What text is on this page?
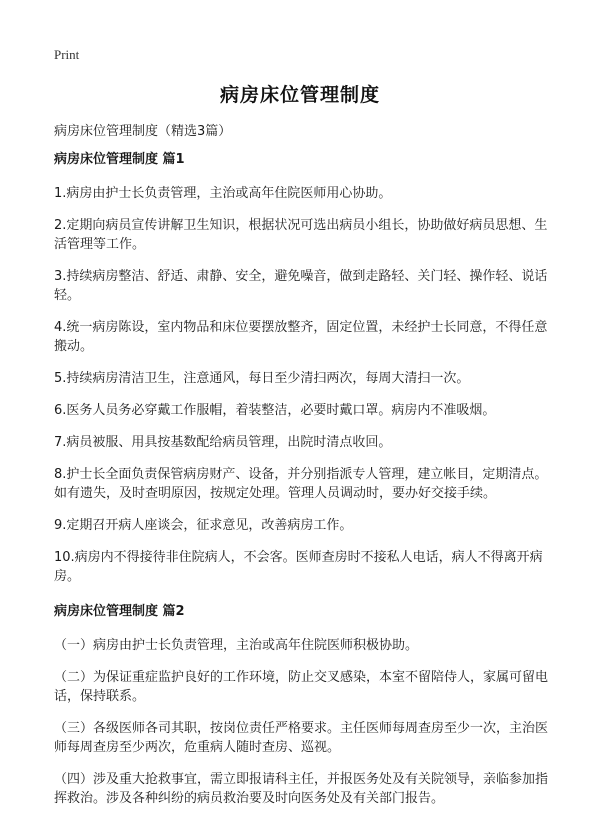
Print
病房床位管理制度
病房床位管理制度（精选3篇）
病房床位管理制度 篇1
1.病房由护士长负责管理，主治或高年住院医师用心协助。
2.定期向病员宣传讲解卫生知识，根据状况可选出病员小组长，协助做好病员思想、生活管理等工作。
3.持续病房整洁、舒适、肃静、安全，避免噪音，做到走路轻、关门轻、操作轻、说话轻。
4.统一病房陈设，室内物品和床位要摆放整齐，固定位置，未经护士长同意，不得任意搬动。
5.持续病房清洁卫生，注意通风，每日至少清扫两次，每周大清扫一次。
6.医务人员务必穿戴工作服帽，着装整洁，必要时戴口罩。病房内不准吸烟。
7.病员被服、用具按基数配给病员管理，出院时清点收回。
8.护士长全面负责保管病房财产、设备，并分别指派专人管理，建立帐目，定期清点。如有遗失，及时查明原因，按规定处理。管理人员调动时，要办好交接手续。
9.定期召开病人座谈会，征求意见，改善病房工作。
10.病房内不得接待非住院病人，不会客。医师查房时不接私人电话，病人不得离开病房。
病房床位管理制度 篇2
（一）病房由护士长负责管理，主治或高年住院医师积极协助。
（二）为保证重症监护良好的工作环境，防止交叉感染，本室不留陪侍人，家属可留电话，保持联系。
（三）各级医师各司其职，按岗位责任严格要求。主任医师每周查房至少一次，主治医师每周查房至少两次，危重病人随时查房、巡视。
（四）涉及重大抢救事宜，需立即报请科主任，并报医务处及有关院领导，亲临参加指挥救治。涉及各种纠纷的病员救治要及时向医务处及有关部门报告。
